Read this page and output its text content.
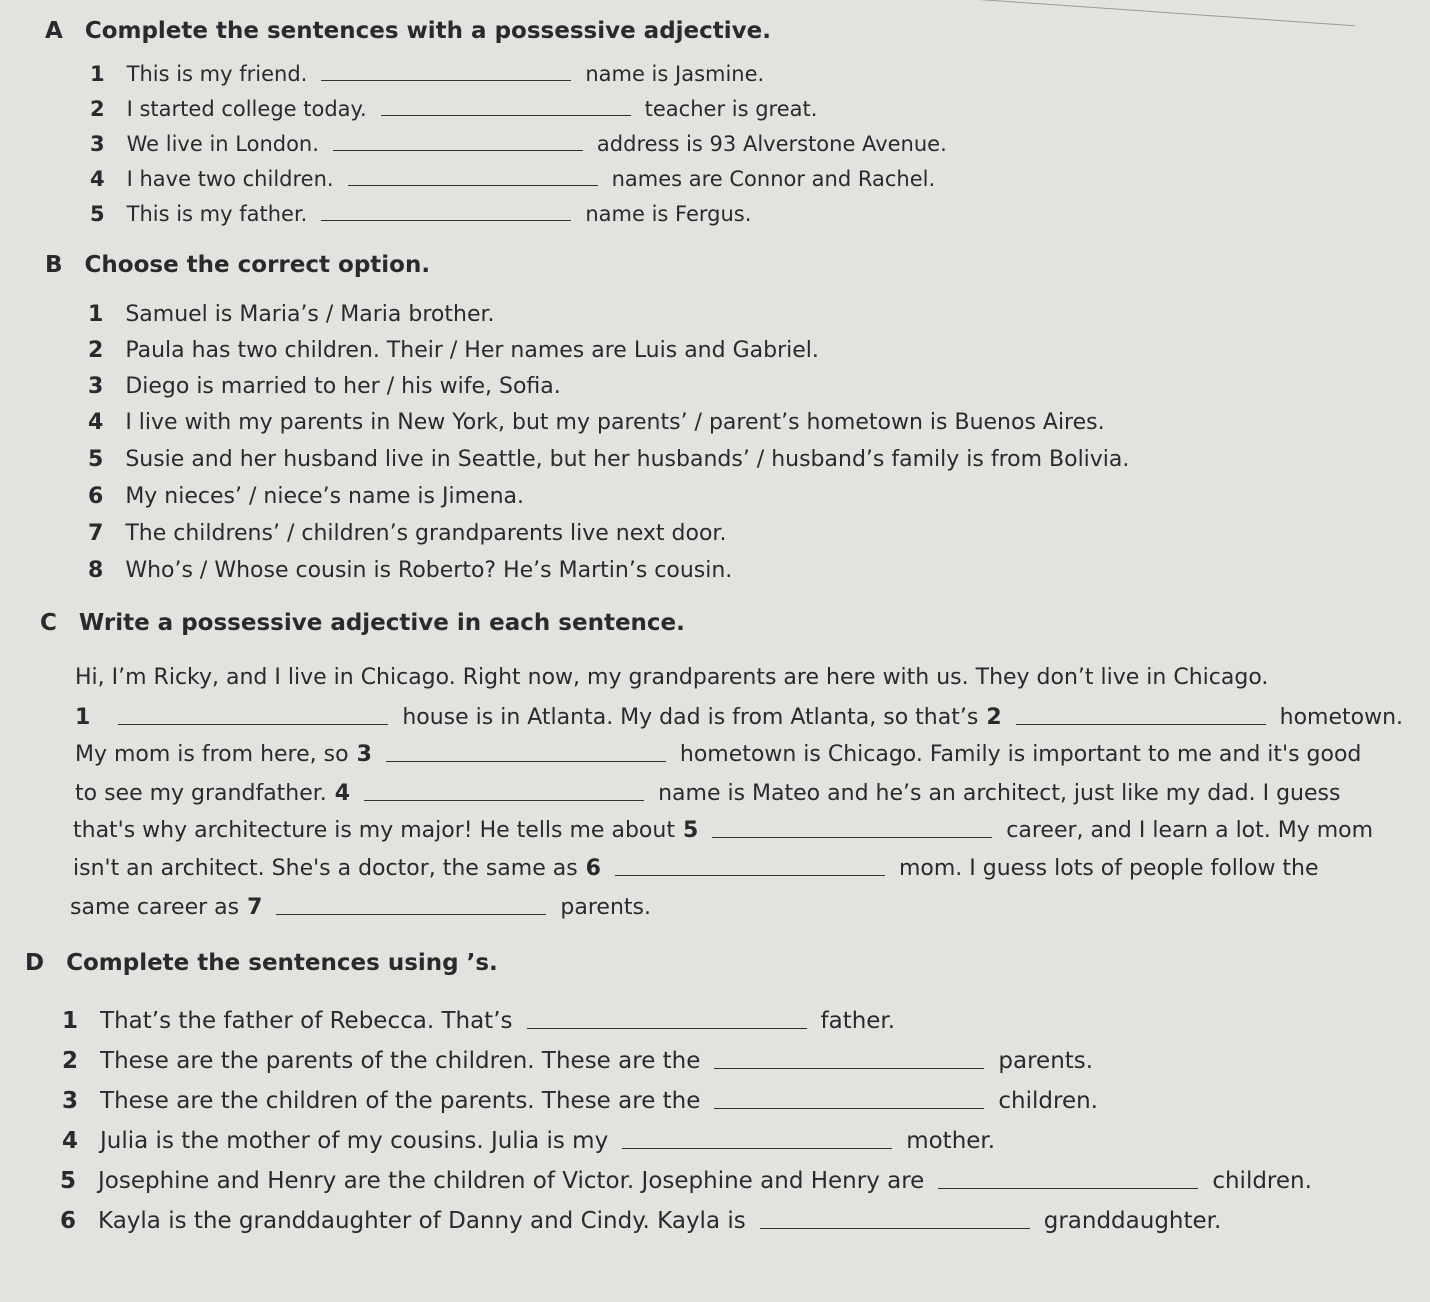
A Complete the sentences with a possessive adjective.
1 This is my friend.	name is Jasmine.
2 I started college today.	teacher is great.
3 We live in London.	address is 93 Alverstone Avenue.
4 I have two children.	names are Connor and Rachel.
5 This is my father.	name is Fergus.
B Choose the correct option.
1 Samuel is Maria’s / Maria brother.
2 Paula has two children. Their / Her names are Luis and Gabriel.
3 Diego is married to her / his wife, Sofia.
4 I live with my parents in New York, but my parents’ / parent’s hometown is Buenos Aires.
5 Susie and her husband live in Seattle, but her husbands’ / husband’s family is from Bolivia.
6 My nieces’ / niece’s name is Jimena.
7 The childrens’ / children’s grandparents live next door.
8 Who’s / Whose cousin is Roberto? He’s Martin’s cousin.
C Write a possessive adjective in each sentence.
Hi, I’m Ricky, and I live in Chicago. Right now, my grandparents are here with us. They don’t live in Chicago.
1	house is in Atlanta. My dad is from Atlanta, so that’s 2	hometown.
My mom is from here, so 3	hometown is Chicago. Family is important to me and it's good
to see my grandfather. 4	name is Mateo and he’s an architect, just like my dad. I guess
that's why architecture is my major! He tells me about 5	career, and I learn a lot. My mom
isn't an architect. She's a doctor, the same as 6	mom. I guess lots of people follow the
same career as 7	parents.
D Complete the sentences using ’s.
1 That’s the father of Rebecca. That’s	father.
2 These are the parents of the children. These are the	parents.
3 These are the children of the parents. These are the	children.
4 Julia is the mother of my cousins. Julia is my	mother.
5 Josephine and Henry are the children of Victor. Josephine and Henry are	children.
6 Kayla is the granddaughter of Danny and Cindy. Kayla is	granddaughter.
